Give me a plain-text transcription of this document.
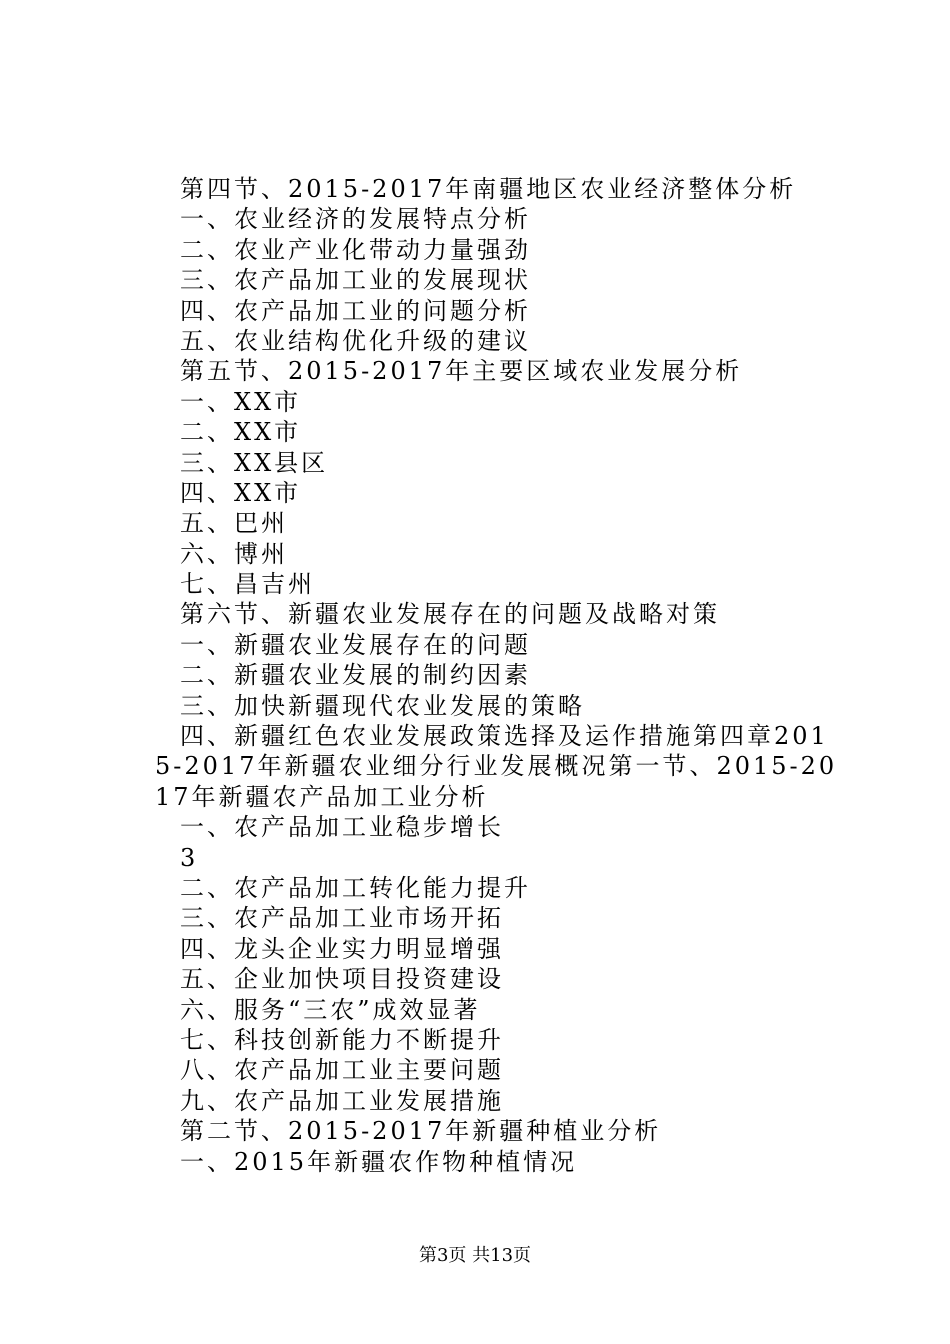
第四节、2015-2017年南疆地区农业经济整体分析
一、农业经济的发展特点分析
二、农业产业化带动力量强劲
三、农产品加工业的发展现状
四、农产品加工业的问题分析
五、农业结构优化升级的建议
第五节、2015-2017年主要区域农业发展分析
一、XX市
二、XX市
三、XX县区
四、XX市
五、巴州
六、博州
七、昌吉州
第六节、新疆农业发展存在的问题及战略对策
一、新疆农业发展存在的问题
二、新疆农业发展的制约因素
三、加快新疆现代农业发展的策略
四、新疆红色农业发展政策选择及运作措施第四章2015-2017年新疆农业细分行业发展概况第一节、2015-2017年新疆农产品加工业分析
一、农产品加工业稳步增长
3
二、农产品加工转化能力提升
三、农产品加工业市场开拓
四、龙头企业实力明显增强
五、企业加快项目投资建设
六、服务“三农”成效显著
七、科技创新能力不断提升
八、农产品加工业主要问题
九、农产品加工业发展措施
第二节、2015-2017年新疆种植业分析
一、2015年新疆农作物种植情况
第3页 共13页
